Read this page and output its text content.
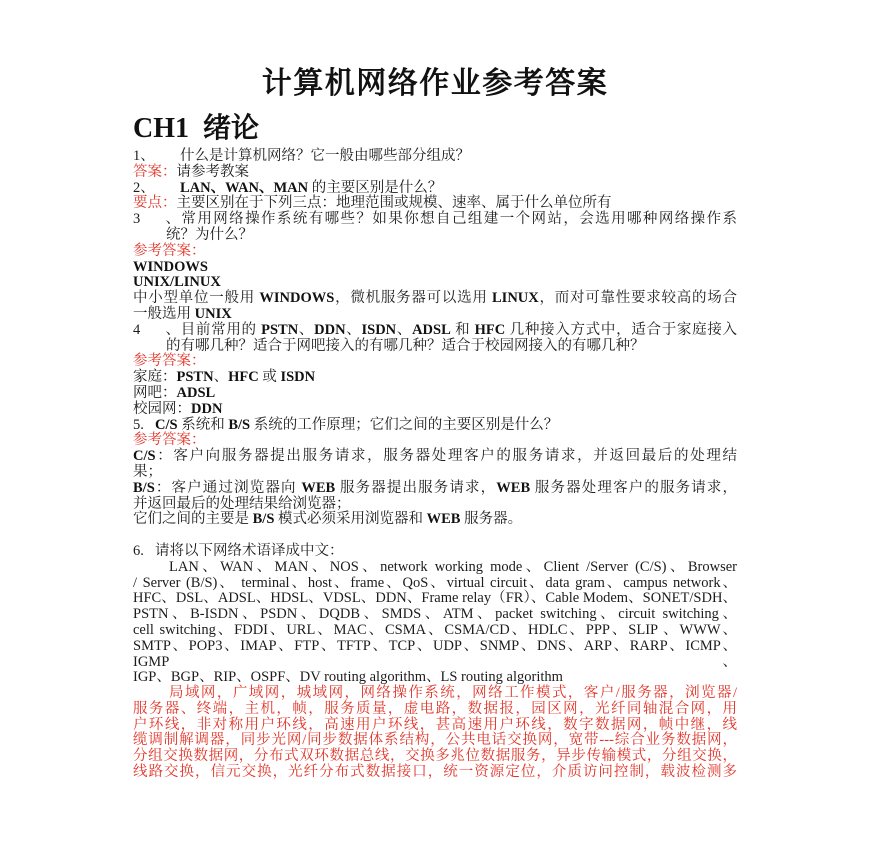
计算机网络作业参考答案
CH1  绪论
1、 什么是计算机网络？它一般由哪些部分组成？
答案：请参考教案
2、 LAN、WAN、MAN 的主要区别是什么？
要点：主要区别在于下列三点：地理范围或规模、速率、属于什么单位所有
3、常用网络操作系统有哪些？如果你想自己组建一个网站，会选用哪种网络操作系
统？为什么？
参考答案：
WINDOWS
UNIX/LINUX
中小型单位一般用 WINDOWS，微机服务器可以选用 LINUX，而对可靠性要求较高的场合
一般选用 UNIX
4、目前常用的 PSTN、DDN、ISDN、ADSL 和 HFC 几种接入方式中，适合于家庭接入
的有哪几种？适合于网吧接入的有哪几种？适合于校园网接入的有哪几种？
参考答案：
家庭：PSTN、HFC 或 ISDN
网吧：ADSL
校园网：DDN
5. C/S 系统和 B/S 系统的工作原理；它们之间的主要区别是什么？
参考答案：
C/S：客户向服务器提出服务请求，服务器处理客户的服务请求，并返回最后的处理结
果；
B/S：客户通过浏览器向 WEB 服务器提出服务请求，WEB 服务器处理客户的服务请求，
并返回最后的处理结果给浏览器；
它们之间的主要是 B/S 模式必须采用浏览器和 WEB 服务器。
6. 请将以下网络术语译成中文：
LAN、WAN、MAN、NOS、network working mode、Client /Server (C/S)、Browser
/ Server (B/S)、 terminal、host、frame、QoS、virtual circuit、data gram、campus network、
HFC、DSL、ADSL、HDSL、VDSL、DDN、Frame relay（FR）、Cable Modem、SONET/SDH、
PSTN、B-ISDN、PSDN、DQDB、SMDS、ATM、packet switching、circuit switching、
cell switching、FDDI、URL、MAC、CSMA、CSMA/CD、HDLC、PPP、SLIP 、WWW、
SMTP、POP3、IMAP、FTP、TFTP、TCP、UDP、SNMP、DNS、ARP、RARP、ICMP、IGMP、
IGP、BGP、RIP、OSPF、DV routing algorithm、LS routing algorithm
局域网，广域网，城域网，网络操作系统，网络工作模式，客户/服务器，浏览器/
服务器、终端，主机，帧，服务质量，虚电路，数据报，园区网，光纤同轴混合网，用
户环线，非对称用户环线，高速用户环线，甚高速用户环线，数字数据网，帧中继，线
缆调制解调器，同步光网/同步数据体系结构，公共电话交换网，宽带---综合业务数据网，
分组交换数据网，分布式双环数据总线，交换多兆位数据服务，异步传输模式，分组交换，
线路交换，信元交换，光纤分布式数据接口，统一资源定位，介质访问控制，载波检测多
